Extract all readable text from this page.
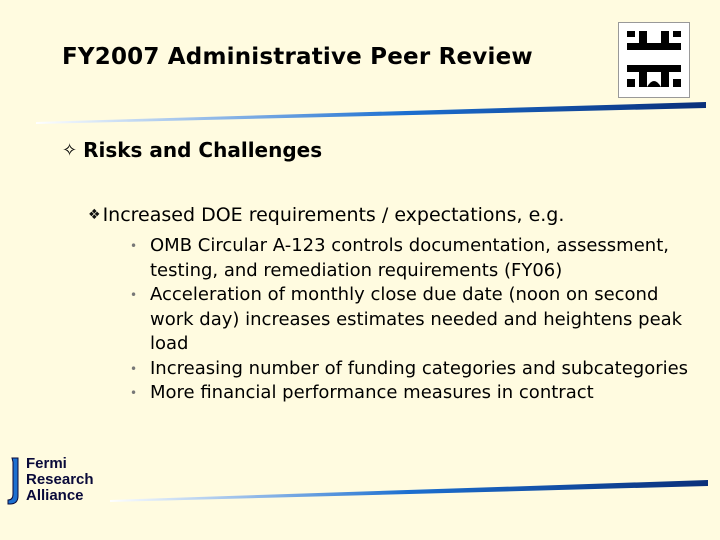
FY2007 Administrative Peer Review
✧ Risks and Challenges
❖ Increased DOE requirements / expectations, e.g.
• OMB Circular A-123 controls documentation, assessment, testing, and remediation requirements (FY06)
• Acceleration of monthly close due date (noon on second work day) increases estimates needed and heightens peak load
• Increasing number of funding categories and subcategories
• More financial performance measures in contract
Fermi
Research
Alliance
